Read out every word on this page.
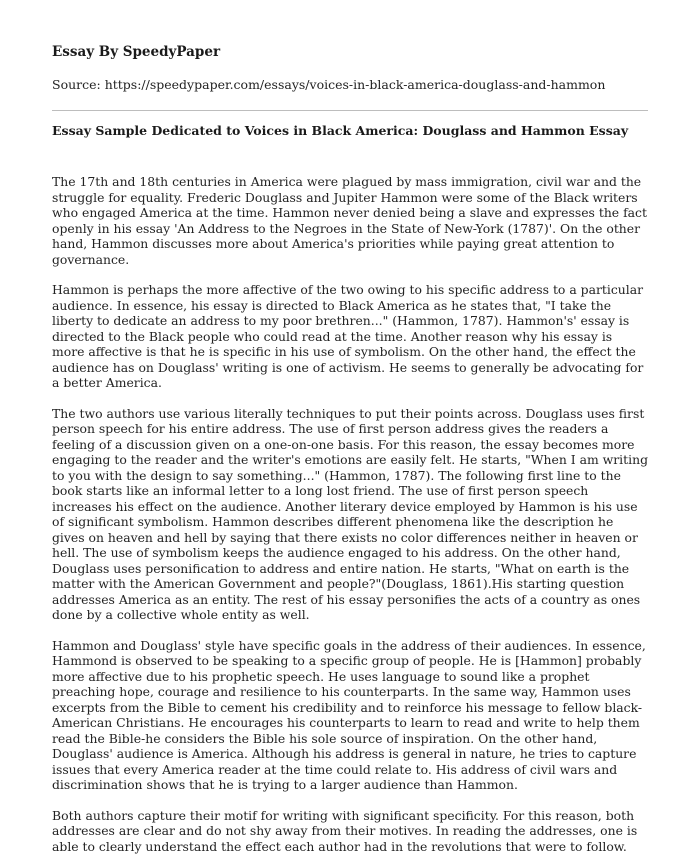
Essay By SpeedyPaper
Source: https://speedypaper.com/essays/voices-in-black-america-douglass-and-hammon
Essay Sample Dedicated to Voices in Black America: Douglass and Hammon Essay

The 17th and 18th centuries in America were plagued by mass immigration, civil war and the struggle for equality. Frederic Douglass and Jupiter Hammon were some of the Black writers who engaged America at the time. Hammon never denied being a slave and expresses the fact openly in his essay 'An Address to the Negroes in the State of New-York (1787)'. On the other hand, Hammon discusses more about America's priorities while paying great attention to governance.

Hammon is perhaps the more affective of the two owing to his specific address to a particular audience. In essence, his essay is directed to Black America as he states that, "I take the liberty to dedicate an address to my poor brethren..." (Hammon, 1787). Hammon's' essay is directed to the Black people who could read at the time. Another reason why his essay is more affective is that he is specific in his use of symbolism. On the other hand, the effect the audience has on Douglass' writing is one of activism. He seems to generally be advocating for a better America.

The two authors use various literally techniques to put their points across. Douglass uses first person speech for his entire address. The use of first person address gives the readers a feeling of a discussion given on a one-on-one basis. For this reason, the essay becomes more engaging to the reader and the writer's emotions are easily felt. He starts, "When I am writing to you with the design to say something..." (Hammon, 1787). The following first line to the book starts like an informal letter to a long lost friend. The use of first person speech increases his effect on the audience. Another literary device employed by Hammon is his use of significant symbolism. Hammon describes different phenomena like the description he gives on heaven and hell by saying that there exists no color differences neither in heaven or hell. The use of symbolism keeps the audience engaged to his address. On the other hand, Douglass uses personification to address and entire nation. He starts, "What on earth is the matter with the American Government and people?"(Douglass, 1861).His starting question addresses America as an entity. The rest of his essay personifies the acts of a country as ones done by a collective whole entity as well.

Hammon and Douglass' style have specific goals in the address of their audiences. In essence, Hammond is observed to be speaking to a specific group of people. He is [Hammon] probably more affective due to his prophetic speech. He uses language to sound like a prophet preaching hope, courage and resilience to his counterparts. In the same way, Hammon uses excerpts from the Bible to cement his credibility and to reinforce his message to fellow black-American Christians. He encourages his counterparts to learn to read and write to help them read the Bible-he considers the Bible his sole source of inspiration. On the other hand, Douglass' audience is America. Although his address is general in nature, he tries to capture issues that every America reader at the time could relate to. His address of civil wars and discrimination shows that he is trying to a larger audience than Hammon.

Both authors capture their motif for writing with significant specificity. For this reason, both addresses are clear and do not shy away from their motives. In reading the addresses, one is able to clearly understand the effect each author had in the revolutions that were to follow.
